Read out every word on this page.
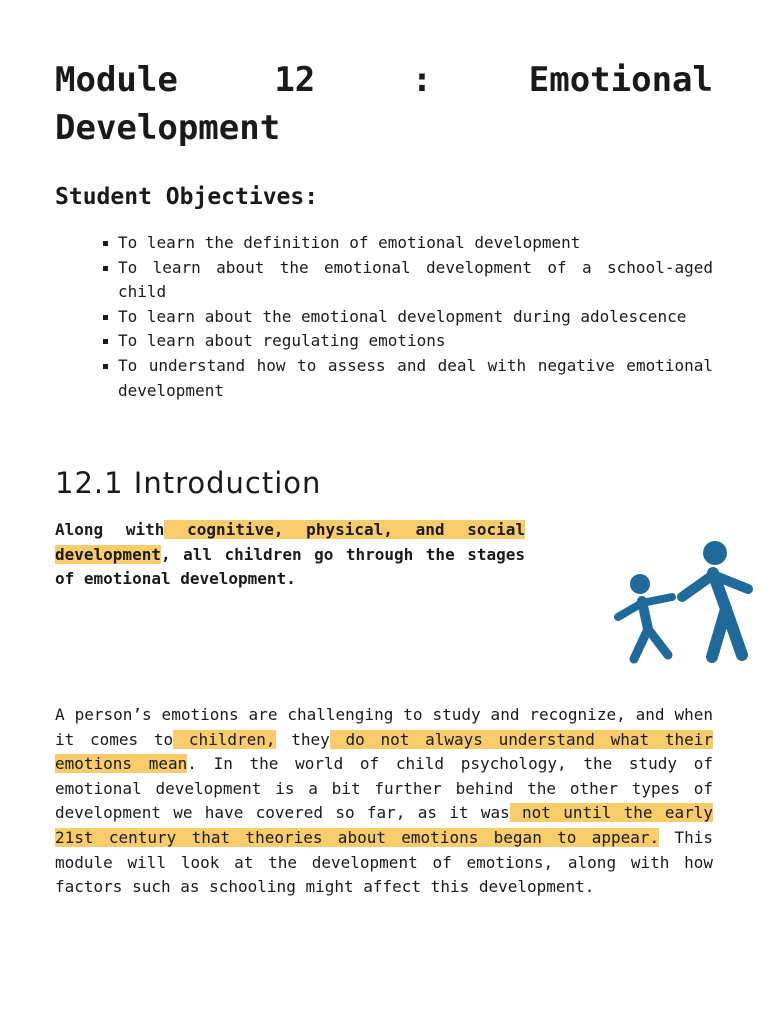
Module	12	:	Emotional
Development
Student Objectives:
To learn the definition of emotional development
To learn about the emotional development of a school-aged child
To learn about the emotional development during adolescence
To learn about regulating emotions
To understand how to assess and deal with negative emotional development
12.1 Introduction

Along with cognitive, physical, and social development, all children go through the stages of emotional development.

A person’s emotions are challenging to study and recognize, and when it comes to children, they do not always understand what their emotions mean. In the world of child psychology, the study of emotional development is a bit further behind the other types of development we have covered so far, as it was not until the early 21st century that theories about emotions began to appear. This module will look at the development of emotions, along with how factors such as schooling might affect this development.
